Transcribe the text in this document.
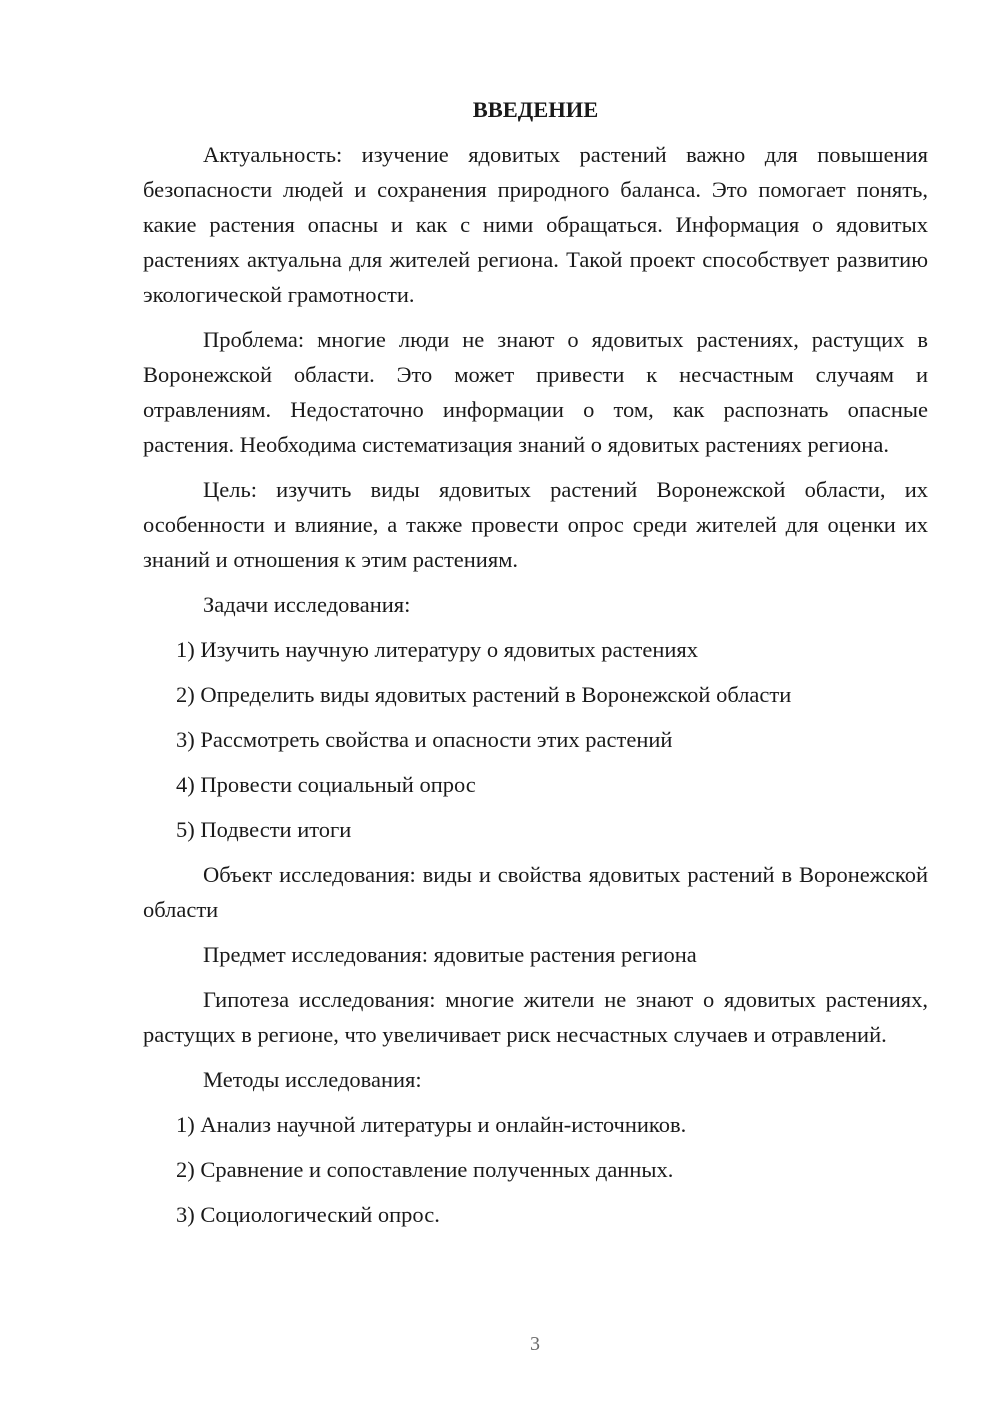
ВВЕДЕНИЕ

Актуальность: изучение ядовитых растений важно для повышения безопасности людей и сохранения природного баланса. Это помогает понять, какие растения опасны и как с ними обращаться. Информация о ядовитых растениях актуальна для жителей региона. Такой проект способствует развитию экологической грамотности.

Проблема: многие люди не знают о ядовитых растениях, растущих в Воронежской области. Это может привести к несчастным случаям и отравлениям. Недостаточно информации о том, как распознать опасные растения. Необходима систематизация знаний о ядовитых растениях региона.

Цель: изучить виды ядовитых растений Воронежской области, их особенности и влияние, а также провести опрос среди жителей для оценки их знаний и отношения к этим растениям.

Задачи исследования:

1) Изучить научную литературу о ядовитых растениях
2) Определить виды ядовитых растений в Воронежской области
3) Рассмотреть свойства и опасности этих растений
4) Провести социальный опрос
5) Подвести итоги

Объект исследования: виды и свойства ядовитых растений в Воронежской области

Предмет исследования: ядовитые растения региона

Гипотеза исследования: многие жители не знают о ядовитых растениях, растущих в регионе, что увеличивает риск несчастных случаев и отравлений.

Методы исследования:

1) Анализ научной литературы и онлайн-источников.
2) Сравнение и сопоставление полученных данных.
3) Социологический опрос.
3
